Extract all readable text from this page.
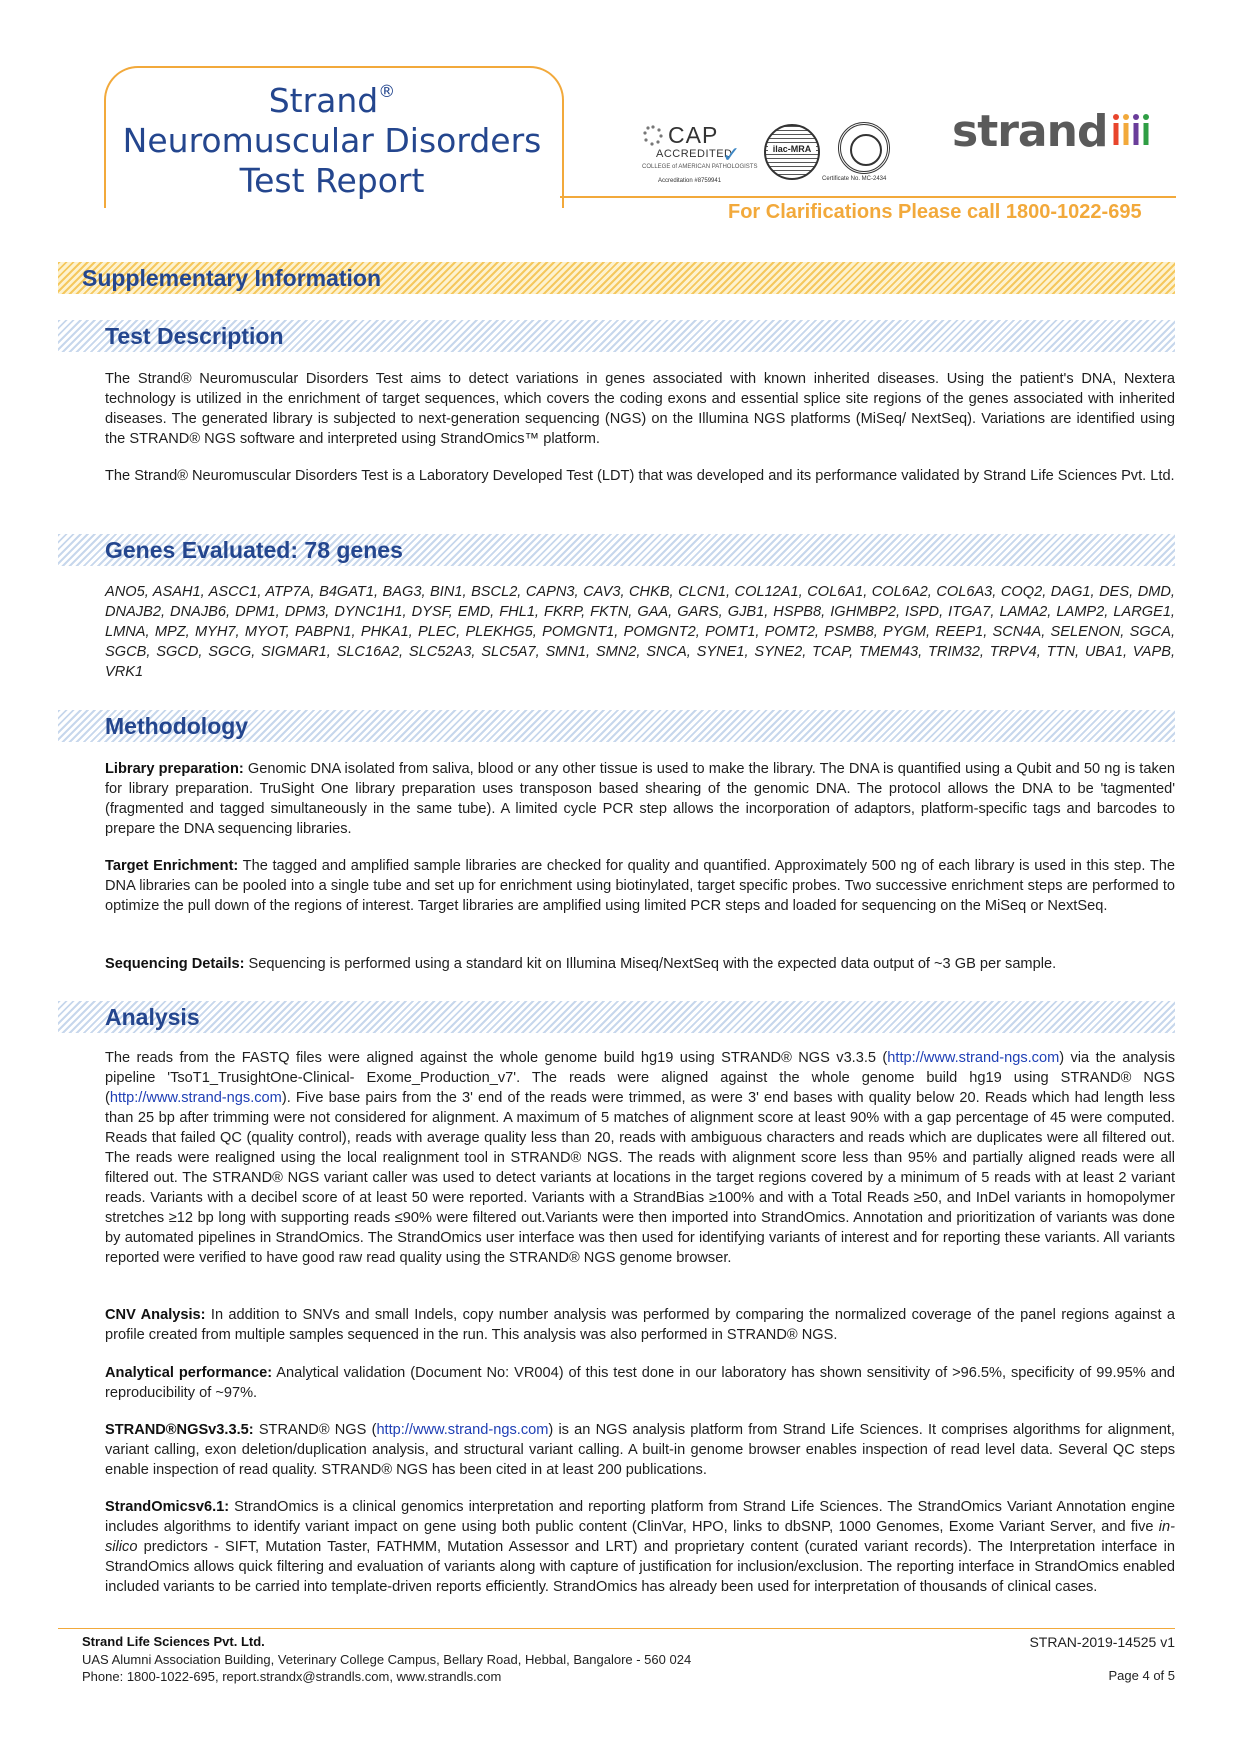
Strand®
Neuromuscular Disorders
Test Report
CAP
ACCREDITED
✓
COLLEGE of AMERICAN PATHOLOGISTS
Accreditation #8759941
ilac-MRA
Certificate No. MC-2434
strand
For Clarifications Please call 1800-1022-695
Supplementary Information
Test Description

The Strand® Neuromuscular Disorders Test aims to detect variations in genes associated with known inherited diseases. Using the patient's DNA, Nextera technology is utilized in the enrichment of target sequences, which covers the coding exons and essential splice site regions of the genes associated with inherited diseases. The generated library is subjected to next-generation sequencing (NGS) on the Illumina NGS platforms (MiSeq/ NextSeq). Variations are identified using the STRAND® NGS software and interpreted using StrandOmics™ platform.

The Strand® Neuromuscular Disorders Test is a Laboratory Developed Test (LDT) that was developed and its performance validated by Strand Life Sciences Pvt. Ltd.

Genes Evaluated: 78 genes

ANO5, ASAH1, ASCC1, ATP7A, B4GAT1, BAG3, BIN1, BSCL2, CAPN3, CAV3, CHKB, CLCN1, COL12A1, COL6A1, COL6A2, COL6A3, COQ2, DAG1, DES, DMD, DNAJB2, DNAJB6, DPM1, DPM3, DYNC1H1, DYSF, EMD, FHL1, FKRP, FKTN, GAA, GARS, GJB1, HSPB8, IGHMBP2, ISPD, ITGA7, LAMA2, LAMP2, LARGE1, LMNA, MPZ, MYH7, MYOT, PABPN1, PHKA1, PLEC, PLEKHG5, POMGNT1, POMGNT2, POMT1, POMT2, PSMB8, PYGM, REEP1, SCN4A, SELENON, SGCA, SGCB, SGCD, SGCG, SIGMAR1, SLC16A2, SLC52A3, SLC5A7, SMN1, SMN2, SNCA, SYNE1, SYNE2, TCAP, TMEM43, TRIM32, TRPV4, TTN, UBA1, VAPB, VRK1

Methodology

Library preparation: Genomic DNA isolated from saliva, blood or any other tissue is used to make the library. The DNA is quantified using a Qubit and 50 ng is taken for library preparation. TruSight One library preparation uses transposon based shearing of the genomic DNA. The protocol allows the DNA to be 'tagmented' (fragmented and tagged simultaneously in the same tube). A limited cycle PCR step allows the incorporation of adaptors, platform-specific tags and barcodes to prepare the DNA sequencing libraries.

Target Enrichment: The tagged and amplified sample libraries are checked for quality and quantified. Approximately 500 ng of each library is used in this step. The DNA libraries can be pooled into a single tube and set up for enrichment using biotinylated, target specific probes. Two successive enrichment steps are performed to optimize the pull down of the regions of interest. Target libraries are amplified using limited PCR steps and loaded for sequencing on the MiSeq or NextSeq.

Sequencing Details: Sequencing is performed using a standard kit on Illumina Miseq/NextSeq with the expected data output of ~3 GB per sample.

Analysis

The reads from the FASTQ files were aligned against the whole genome build hg19 using STRAND® NGS v3.3.5 (http://www.strand-ngs.com) via the analysis pipeline 'TsoT1_TrusightOne-Clinical- Exome_Production_v7'. The reads were aligned against the whole genome build hg19 using STRAND® NGS (http://www.strand-ngs.com). Five base pairs from the 3' end of the reads were trimmed, as were 3' end bases with quality below 20. Reads which had length less than 25 bp after trimming were not considered for alignment. A maximum of 5 matches of alignment score at least 90% with a gap percentage of 45 were computed. Reads that failed QC (quality control), reads with average quality less than 20, reads with ambiguous characters and reads which are duplicates were all filtered out. The reads were realigned using the local realignment tool in STRAND® NGS. The reads with alignment score less than 95% and partially aligned reads were all filtered out. The STRAND® NGS variant caller was used to detect variants at locations in the target regions covered by a minimum of 5 reads with at least 2 variant reads. Variants with a decibel score of at least 50 were reported. Variants with a StrandBias ≥100% and with a Total Reads ≥50, and InDel variants in homopolymer stretches ≥12 bp long with supporting reads ≤90% were filtered out.Variants were then imported into StrandOmics. Annotation and prioritization of variants was done by automated pipelines in StrandOmics. The StrandOmics user interface was then used for identifying variants of interest and for reporting these variants. All variants reported were verified to have good raw read quality using the STRAND® NGS genome browser.

CNV Analysis: In addition to SNVs and small Indels, copy number analysis was performed by comparing the normalized coverage of the panel regions against a profile created from multiple samples sequenced in the run. This analysis was also performed in STRAND® NGS.

Analytical performance: Analytical validation (Document No: VR004) of this test done in our laboratory has shown sensitivity of >96.5%, specificity of 99.95% and reproducibility of ~97%.

STRAND®NGSv3.3.5: STRAND® NGS (http://www.strand-ngs.com) is an NGS analysis platform from Strand Life Sciences. It comprises algorithms for alignment, variant calling, exon deletion/duplication analysis, and structural variant calling. A built-in genome browser enables inspection of read level data. Several QC steps enable inspection of read quality. STRAND® NGS has been cited in at least 200 publications.

StrandOmicsv6.1: StrandOmics is a clinical genomics interpretation and reporting platform from Strand Life Sciences. The StrandOmics Variant Annotation engine includes algorithms to identify variant impact on gene using both public content (ClinVar, HPO, links to dbSNP, 1000 Genomes, Exome Variant Server, and five in-silico predictors - SIFT, Mutation Taster, FATHMM, Mutation Assessor and LRT) and proprietary content (curated variant records). The Interpretation interface in StrandOmics allows quick filtering and evaluation of variants along with capture of justification for inclusion/exclusion. The reporting interface in StrandOmics enabled included variants to be carried into template-driven reports efficiently. StrandOmics has already been used for interpretation of thousands of clinical cases.

Strand Life Sciences Pvt. Ltd.
UAS Alumni Association Building, Veterinary College Campus, Bellary Road, Hebbal, Bangalore - 560 024
Phone: 1800-1022-695, report.strandx@strandls.com, www.strandls.com
STRAN-2019-14525 v1
Page 4 of 5
